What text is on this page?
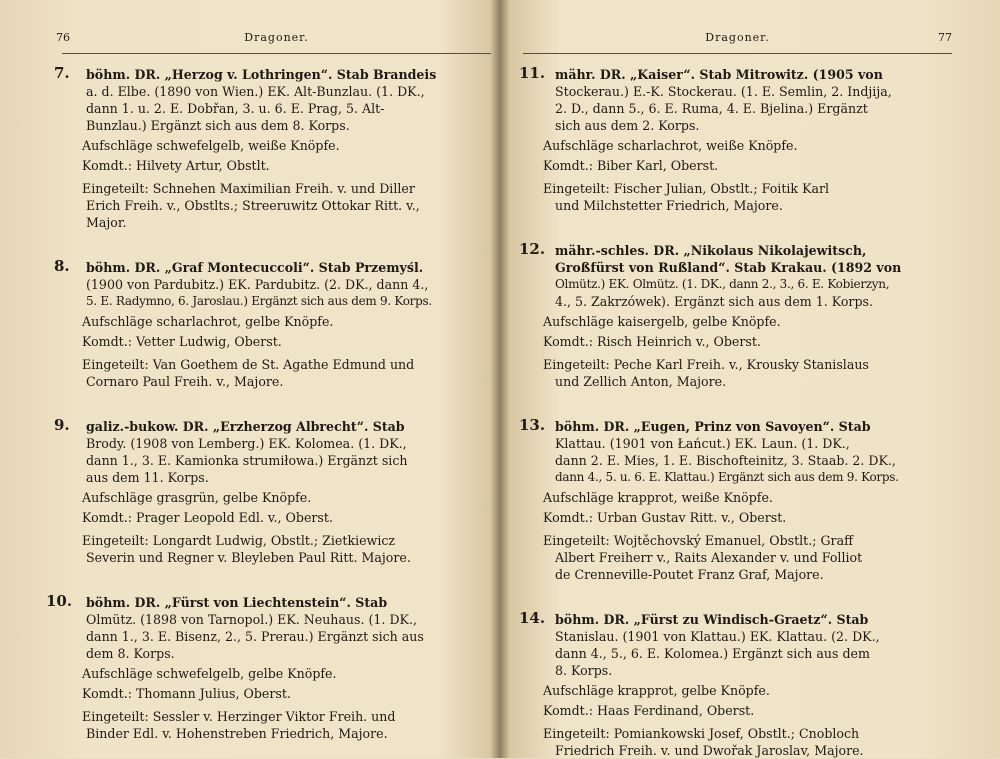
76	Dragoner.
7.	böhm. DR. „Herzog v. Lothringen“. Stab Brandeis

a. d. Elbe. (1890 von Wien.) EK. Alt-Bunzlau. (1. DK.,

dann 1. u. 2. E. Dobřan, 3. u. 6. E. Prag, 5. Alt-

Bunzlau.) Ergänzt sich aus dem 8. Korps.

Aufschläge schwefelgelb, weiße Knöpfe.

Komdt.: Hilvety Artur, Obstlt.

Eingeteilt: Schnehen Maximilian Freih. v. und Diller

Erich Freih. v., Obstlts.; Streeruwitz Ottokar Ritt. v.,

Major.

8.	böhm. DR. „Graf Montecuccoli“. Stab Przemyśl.

(1900 von Pardubitz.) EK. Pardubitz. (2. DK., dann 4.,

5. E. Radymno, 6. Jaroslau.) Ergänzt sich aus dem 9. Korps.

Aufschläge scharlachrot, gelbe Knöpfe.

Komdt.: Vetter Ludwig, Oberst.

Eingeteilt: Van Goethem de St. Agathe Edmund und

Cornaro Paul Freih. v., Majore.

9.	galiz.-bukow. DR. „Erzherzog Albrecht“. Stab

Brody. (1908 von Lemberg.) EK. Kolomea. (1. DK.,

dann 1., 3. E. Kamionka strumiłowa.) Ergänzt sich

aus dem 11. Korps.

Aufschläge grasgrün, gelbe Knöpfe.

Komdt.: Prager Leopold Edl. v., Oberst.

Eingeteilt: Longardt Ludwig, Obstlt.; Zietkiewicz

Severin und Regner v. Bleyleben Paul Ritt. Majore.

10.	böhm. DR. „Fürst von Liechtenstein“. Stab

Olmütz. (1898 von Tarnopol.) EK. Neuhaus. (1. DK.,

dann 1., 3. E. Bisenz, 2., 5. Prerau.) Ergänzt sich aus

dem 8. Korps.

Aufschläge schwefelgelb, gelbe Knöpfe.

Komdt.: Thomann Julius, Oberst.

Eingeteilt: Sessler v. Herzinger Viktor Freih. und

Binder Edl. v. Hohenstreben Friedrich, Majore.

Dragoner.	77
11. mähr. DR. „Kaiser“. Stab Mitrowitz. (1905 von

Stockerau.) E.-K. Stockerau. (1. E. Semlin, 2. Indjija,

2. D., dann 5., 6. E. Ruma, 4. E. Bjelina.) Ergänzt

sich aus dem 2. Korps.

Aufschläge scharlachrot, weiße Knöpfe.

Komdt.: Biber Karl, Oberst.

Eingeteilt: Fischer Julian, Obstlt.; Foitik Karl

und Milchstetter Friedrich, Majore.

12. mähr.-schles. DR. „Nikolaus Nikolajewitsch,

Großfürst von Rußland“. Stab Krakau. (1892 von

Olmütz.) EK. Olmütz. (1. DK., dann 2., 3., 6. E. Kobierzyn,

4., 5. Zakrzówek). Ergänzt sich aus dem 1. Korps.

Aufschläge kaisergelb, gelbe Knöpfe.

Komdt.: Risch Heinrich v., Oberst.

Eingeteilt: Peche Karl Freih. v., Krousky Stanislaus

und Zellich Anton, Majore.

13. böhm. DR. „Eugen, Prinz von Savoyen“. Stab

Klattau. (1901 von Łańcut.) EK. Laun. (1. DK.,

dann 2. E. Mies, 1. E. Bischofteinitz, 3. Staab. 2. DK.,

dann 4., 5. u. 6. E. Klattau.) Ergänzt sich aus dem 9. Korps.

Aufschläge krapprot, weiße Knöpfe.

Komdt.: Urban Gustav Ritt. v., Oberst.

Eingeteilt: Wojtěchovský Emanuel, Obstlt.; Graff

Albert Freiherr v., Raits Alexander v. und Folliot

de Crenneville-Poutet Franz Graf, Majore.

14. böhm. DR. „Fürst zu Windisch-Graetz“. Stab

Stanislau. (1901 von Klattau.) EK. Klattau. (2. DK.,

dann 4., 5., 6. E. Kolomea.) Ergänzt sich aus dem

8. Korps.

Aufschläge krapprot, gelbe Knöpfe.

Komdt.: Haas Ferdinand, Oberst.

Eingeteilt: Pomiankowski Josef, Obstlt.; Cnobloch

Friedrich Freih. v. und Dwořak Jaroslav, Majore.
